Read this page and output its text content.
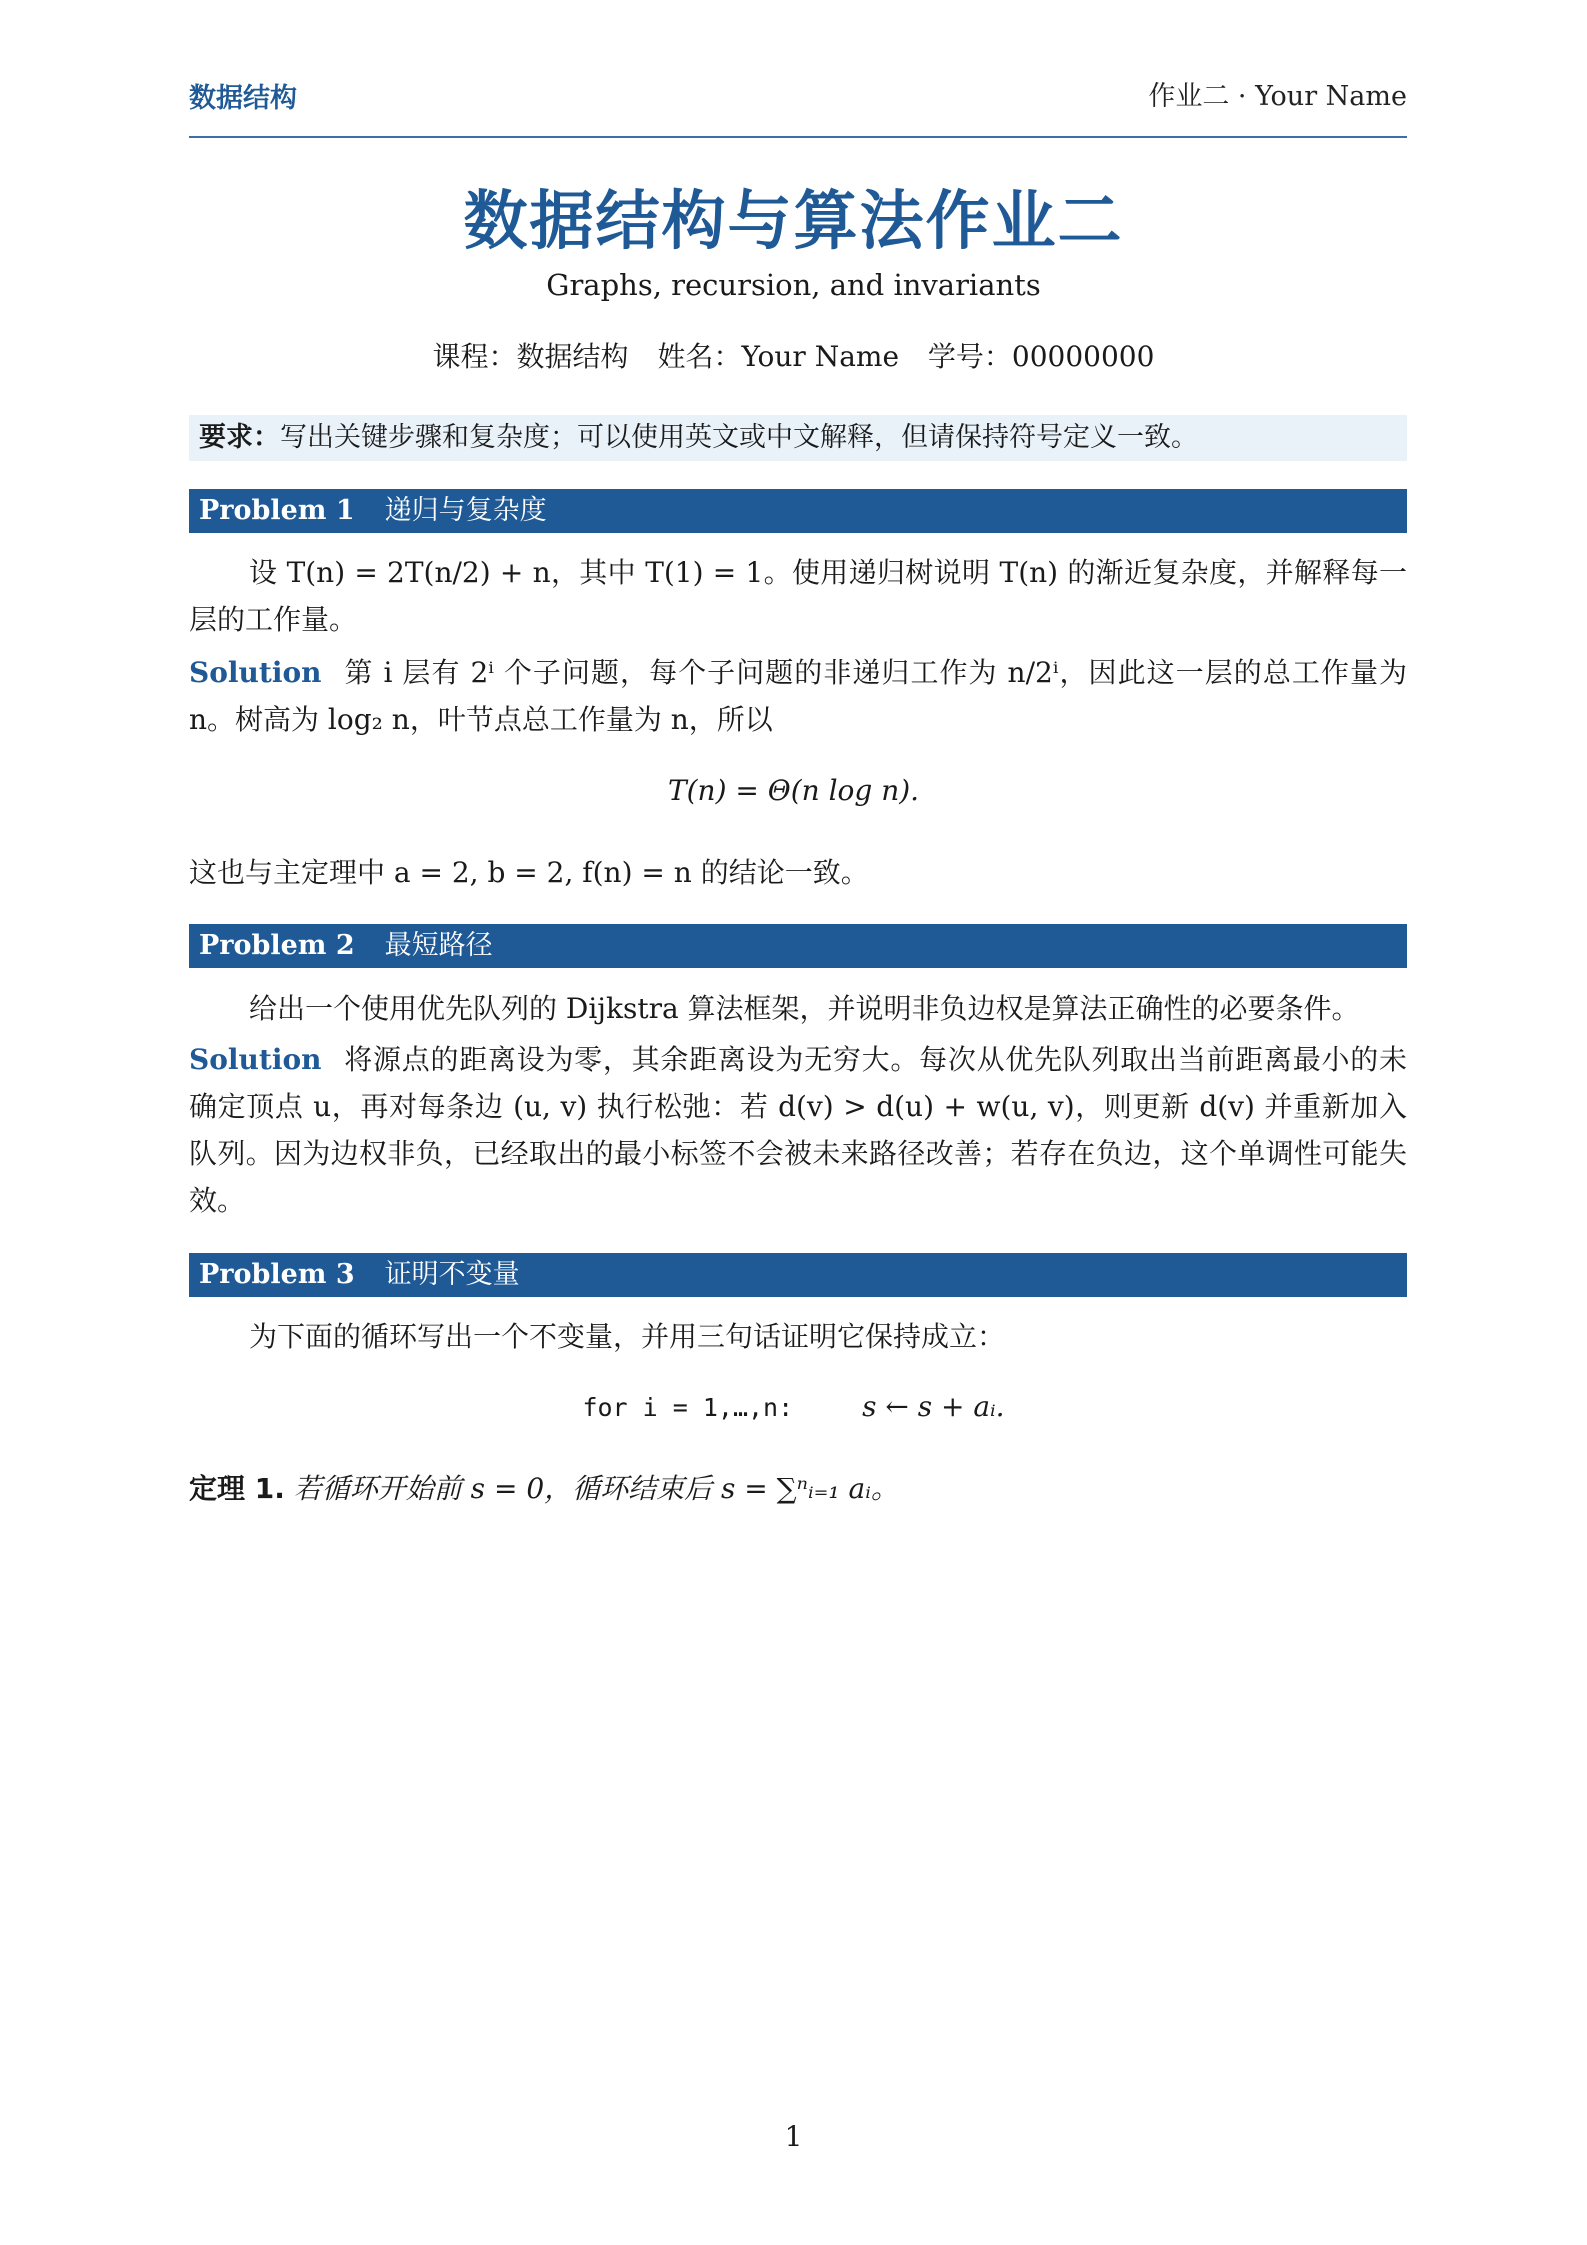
数据结构	作业二 · Your Name
数据结构与算法作业二
Graphs, recursion, and invariants
课程：数据结构 姓名：Your Name 学号：00000000
要求：写出关键步骤和复杂度；可以使用英文或中文解释，但请保持符号定义一致。
Problem 1 递归与复杂度
设 T(n) = 2T(n/2) + n，其中 T(1) = 1。使用递归树说明 T(n) 的渐近复杂度，并解释每一层的工作量。
Solution 第 i 层有 2ⁱ 个子问题，每个子问题的非递归工作为 n/2ⁱ，因此这一层的总工作量为 n。树高为 log₂ n，叶节点总工作量为 n，所以
T(n) = Θ(n log n).
这也与主定理中 a = 2, b = 2, f(n) = n 的结论一致。
Problem 2 最短路径
给出一个使用优先队列的 Dijkstra 算法框架，并说明非负边权是算法正确性的必要条件。
Solution 将源点的距离设为零，其余距离设为无穷大。每次从优先队列取出当前距离最小的未确定顶点 u，再对每条边 (u, v) 执行松弛：若 d(v) > d(u) + w(u, v)，则更新 d(v) 并重新加入队列。因为边权非负，已经取出的最小标签不会被未来路径改善；若存在负边，这个单调性可能失效。
Problem 3 证明不变量
为下面的循环写出一个不变量，并用三句话证明它保持成立：
for i = 1,…,n: s ← s + aᵢ.
定理 1. 若循环开始前 s = 0，循环结束后 s = ∑ⁿᵢ₌₁ aᵢ。
1
